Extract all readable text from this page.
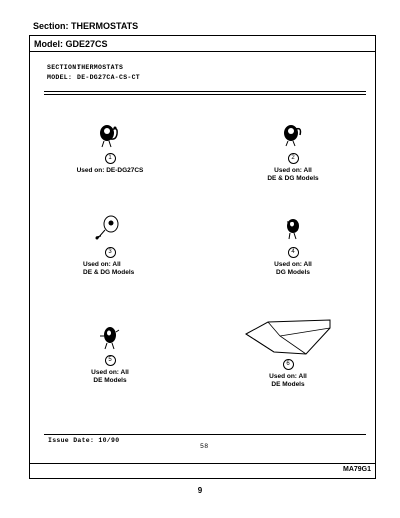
Section: THERMOSTATS
Model: GDE27CS
SECTION:
THERMOSTATS
MODEL: DE-DG27CA-CS-CT
1
Used on: DE-DG27CS
2
Used on: All
DE & DG Models
3
Used on: All
DE & DG Models
4
Used on: All
DG Models
5
Used on: All
DE Models
6
Used on: All
DE Models
Issue Date: 10/90
58
MA79G1
9
